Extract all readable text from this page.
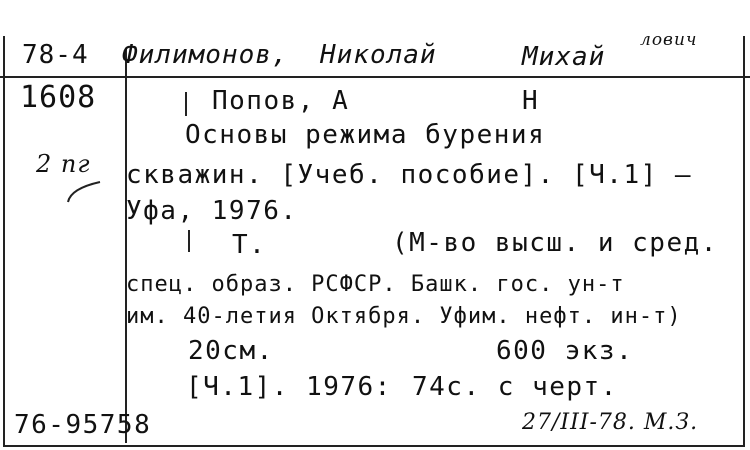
78-4 Филимонов, Николай	Михай
лович
1608
2 пг
Попов, А	Н
Основы режима бурения
скважин. [Учеб. пособие]. [Ч.1] —
Уфа, 1976.
Т.	(М-во высш. и сред.
спец. образ. РСФСР. Башк. гос. ун-т
им. 40-летия Октября. Уфим. нефт. ин-т)
20см.	600 экз.
[Ч.1]. 1976: 74с. с черт.
76-95758	27/III-78. М.З.
